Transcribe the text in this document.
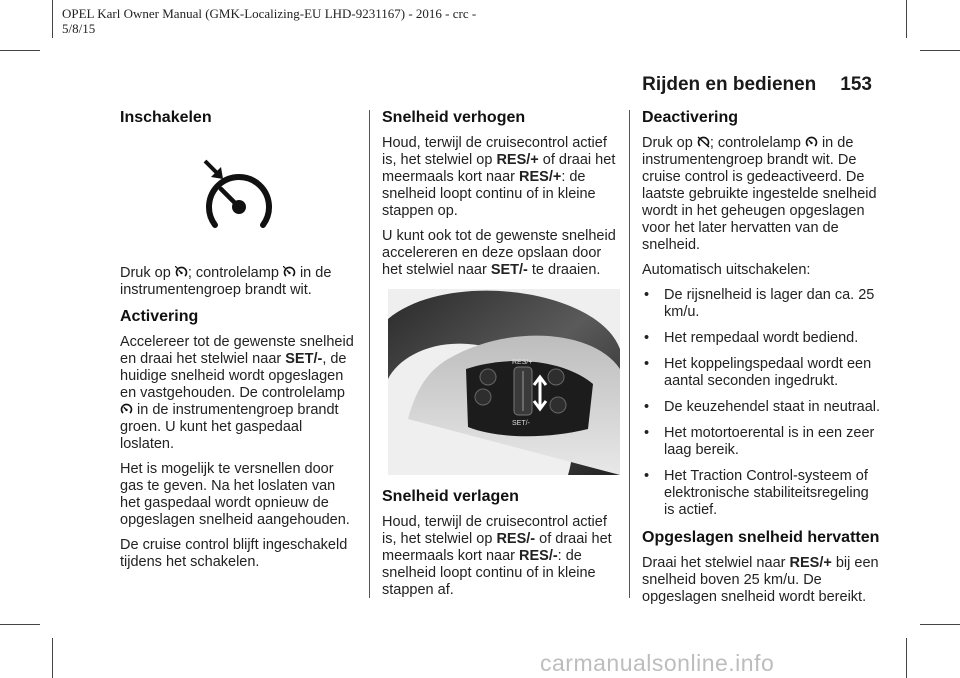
OPEL Karl Owner Manual (GMK-Localizing-EU LHD-9231167) - 2016 - crc -
5/8/15
Rijden en bedienen 153
Inschakelen

Druk op ; controlelamp  in de instrumentengroep brandt wit.

Activering

Accelereer tot de gewenste snelheid en draai het stelwiel naar SET/-, de huidige snelheid wordt opgeslagen en vastgehouden. De controlelamp  in de instrumentengroep brandt groen. U kunt het gaspedaal loslaten.

Het is mogelijk te versnellen door gas te geven. Na het loslaten van het gaspedaal wordt opnieuw de opgeslagen snelheid aangehouden.

De cruise control blijft ingeschakeld tijdens het schakelen.

Snelheid verhogen

Houd, terwijl de cruisecontrol actief is, het stelwiel op RES/+ of draai het meermaals kort naar RES/+: de snelheid loopt continu of in kleine stappen op.

U kunt ook tot de gewenste snelheid accelereren en deze opslaan door het stelwiel naar SET/- te draaien.

RES/+
SET/-
Snelheid verlagen

Houd, terwijl de cruisecontrol actief is, het stelwiel op RES/- of draai het meermaals kort naar RES/-: de snelheid loopt continu of in kleine stappen af.

Deactivering

Druk op ; controlelamp  in de instrumentengroep brandt wit. De cruise control is gedeactiveerd. De laatste gebruikte ingestelde snelheid wordt in het geheugen opgeslagen voor het later hervatten van de snelheid.

Automatisch uitschakelen:

• De rijsnelheid is lager dan ca. 25 km/u.
• Het rempedaal wordt bediend.
• Het koppelingspedaal wordt een aantal seconden ingedrukt.
• De keuzehendel staat in neutraal.
• Het motortoerental is in een zeer laag bereik.
• Het Traction Control-systeem of elektronische stabiliteitsregeling is actief.
Opgeslagen snelheid hervatten

Draai het stelwiel naar RES/+ bij een snelheid boven 25 km/u. De opgeslagen snelheid wordt bereikt.

carmanualsonline.info
